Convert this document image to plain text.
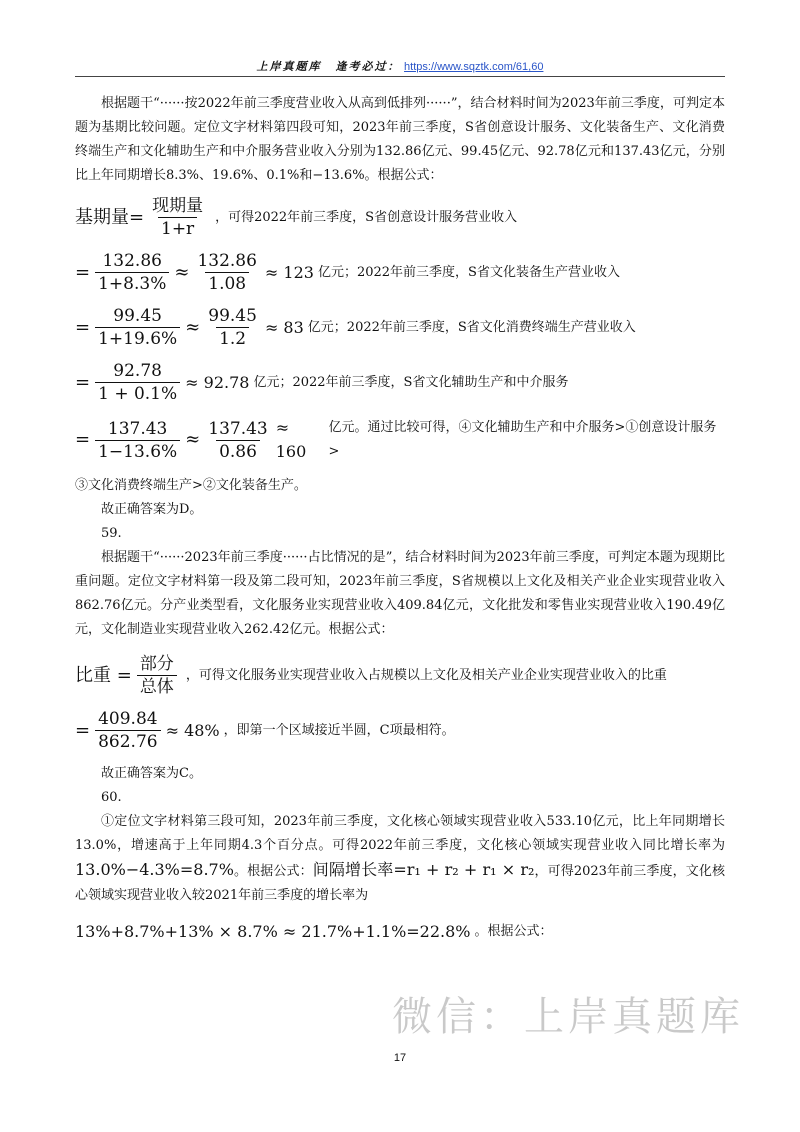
上岸真题库 逢考必过： https://www.sqztk.com/61,60

根据题干“······按2022年前三季度营业收入从高到低排列······”，结合材料时间为2023年前三季度，可判定本题为基期比较问题。定位文字材料第四段可知，2023年前三季度，S省创意设计服务、文化装备生产、文化消费终端生产和文化辅助生产和中介服务营业收入分别为132.86亿元、99.45亿元、92.78亿元和137.43亿元，分别比上年同期增长8.3%、19.6%、0.1%和−13.6%。根据公式：

基期量= $\frac{\text{现期量}}{1+r}$ ，可得2022年前三季度，S省创意设计服务营业收入
= $\frac{132.86}{1+8.3\%} \approx \frac{132.86}{1.08} \approx 123$ 亿元；2022年前三季度，S省文化装备生产营业收入
= $\frac{99.45}{1+19.6\%} \approx \frac{99.45}{1.2} \approx 83$ 亿元；2022年前三季度，S省文化消费终端生产营业收入
= $\frac{92.78}{1 + 0.1\%} \approx 92.78$ 亿元；2022年前三季度，S省文化辅助生产和中介服务
= $\frac{137.43}{1-13.6\%} \approx \frac{137.43}{0.86} \approx 160$
亿元。通过比较可得，④文化辅助生产和中介服务>①创意设计服务>

③文化消费终端生产>②文化装备生产。

故正确答案为D。

59.

根据题干“······2023年前三季度······占比情况的是”，结合材料时间为2023年前三季度，可判定本题为现期比重问题。定位文字材料第一段及第二段可知，2023年前三季度，S省规模以上文化及相关产业企业实现营业收入862.76亿元。分产业类型看，文化服务业实现营业收入409.84亿元，文化批发和零售业实现营业收入190.49亿元，文化制造业实现营业收入262.42亿元。根据公式：

比重 = $\frac{\text{部分}}{\text{总体}}$ ，可得文化服务业实现营业收入占规模以上文化及相关产业企业实现营业收入的比重
= $\frac{409.84}{862.76} \approx 48\%$ ，即第一个区域接近半圆，C项最相符。

故正确答案为C。

60.

①定位文字材料第三段可知，2023年前三季度，文化核心领域实现营业收入533.10亿元，比上年同期增长13.0%，增速高于上年同期4.3个百分点。可得2022年前三季度，文化核心领域实现营业收入同比增长率为13.0%−4.3%=8.7%。根据公式：间隔增长率=r₁ + r₂ + r₁ × r₂，可得2023年前三季度，文化核心领域实现营业收入较2021年前三季度的增长率为

13%+8.7%+13% × 8.7% ≈ 21.7%+1.1%=22.8% 。根据公式：
微信：上岸真题库
17
